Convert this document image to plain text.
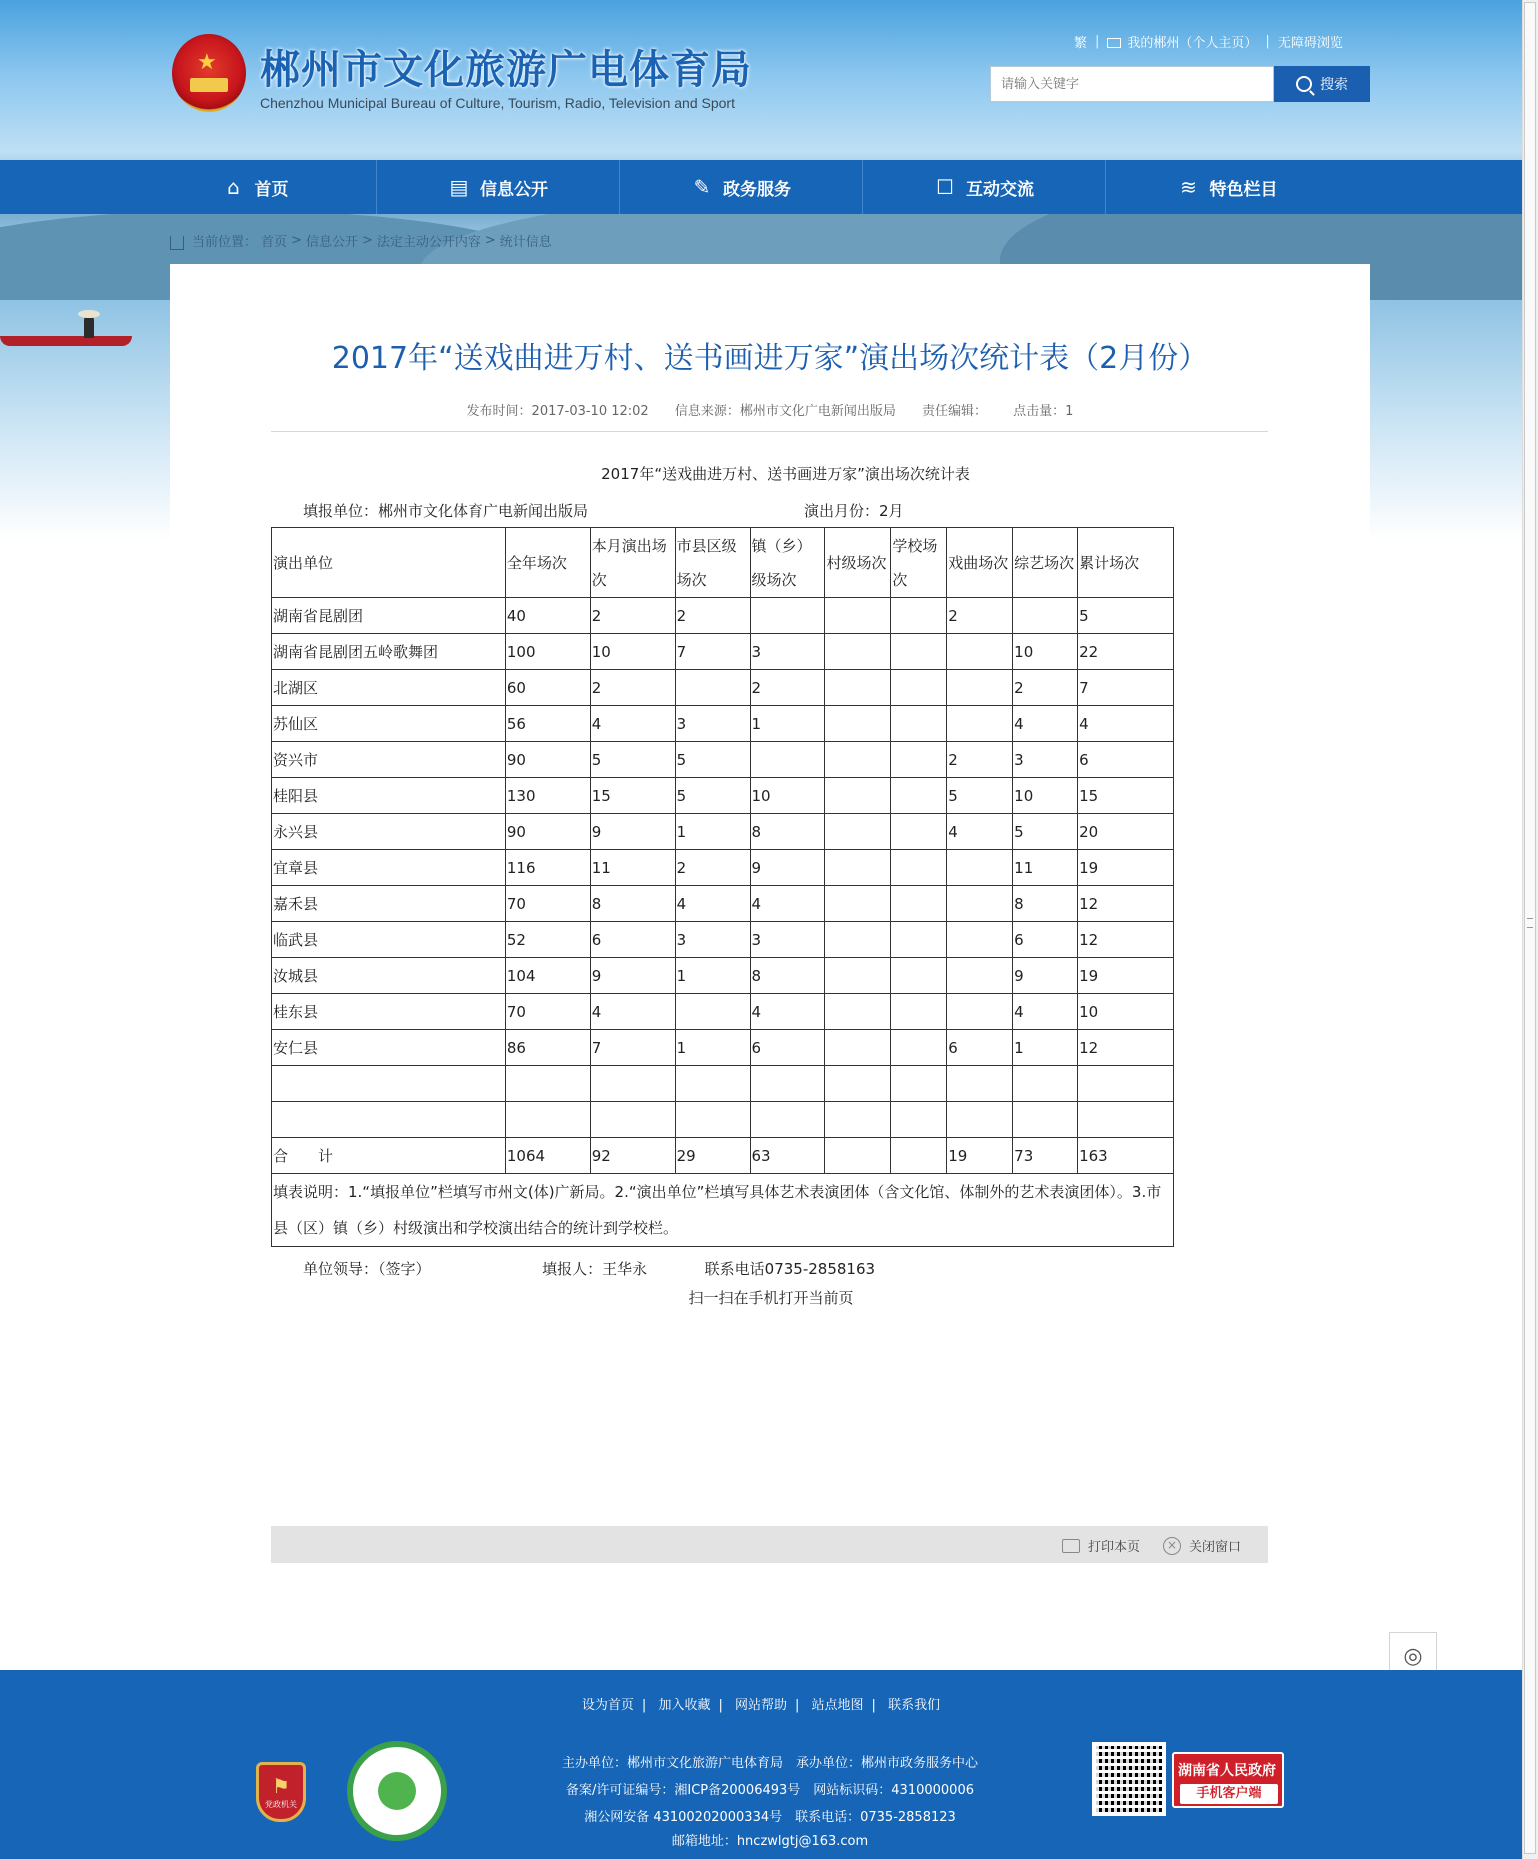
★ 郴州市文化旅游广电体育局
Chenzhou Municipal Bureau of Culture, Tourism, Radio, Television and Sport
繁 | 我的郴州（个人主页） | 无障碍浏览
请输入关键字
搜索
⌂ 首页	▤ 信息公开	✎ 政务服务	☐ 互动交流	≋ 特色栏目
当前位置： 首页 > 信息公开 > 法定主动公开内容 > 统计信息
2017年“送戏曲进万村、送书画进万家”演出场次统计表（2月份）
发布时间：2017-03-10 12:02 信息来源：郴州市文化广电新闻出版局 责任编辑： 点击量：1
2017年“送戏曲进万村、送书画进万家”演出场次统计表
填报单位：郴州市文化体育广电新闻出版局	演出月份：2月
演出单位	全年场次	本月演出场次	市县区级场次	镇（乡）级场次	村级场次	学校场次	戏曲场次	综艺场次	累计场次
湖南省昆剧团	40	2	2				2		5
湖南省昆剧团五岭歌舞团	100	10	7	3				10	22
北湖区	60	2		2				2	7
苏仙区	56	4	3	1				4	4
资兴市	90	5	5				2	3	6
桂阳县	130	15	5	10			5	10	15
永兴县	90	9	1	8			4	5	20
宜章县	116	11	2	9				11	19
嘉禾县	70	8	4	4				8	12
临武县	52	6	3	3				6	12
汝城县	104	9	1	8				9	19
桂东县	70	4		4				4	10
安仁县	86	7	1	6			6	1	12

合　　计	1064	92	29	63			19	73	163
填表说明：1.“填报单位”栏填写市州文(体)广新局。2.“演出单位”栏填写具体艺术表演团体（含文化馆、体制外的艺术表演团体）。3.市县（区）镇（乡）村级演出和学校演出结合的统计到学校栏。									
单位领导：（签字）	填报人：王华永	联系电话0735-2858163
扫一扫在手机打开当前页
打印本页	× 关闭窗口
◎
设为首页 | 加入收藏 | 网站帮助 | 站点地图 | 联系我们
主办单位：郴州市文化旅游广电体育局　承办单位：郴州市政务服务中心
备案/许可证编号：湘ICP备20006493号　网站标识码：4310000006
湘公网安备 43100202000334号　联系电话：0735-2858123
邮箱地址：hnczwlgtj@163.com
⚑
党政机关
湖南省人民政府
手机客户端
